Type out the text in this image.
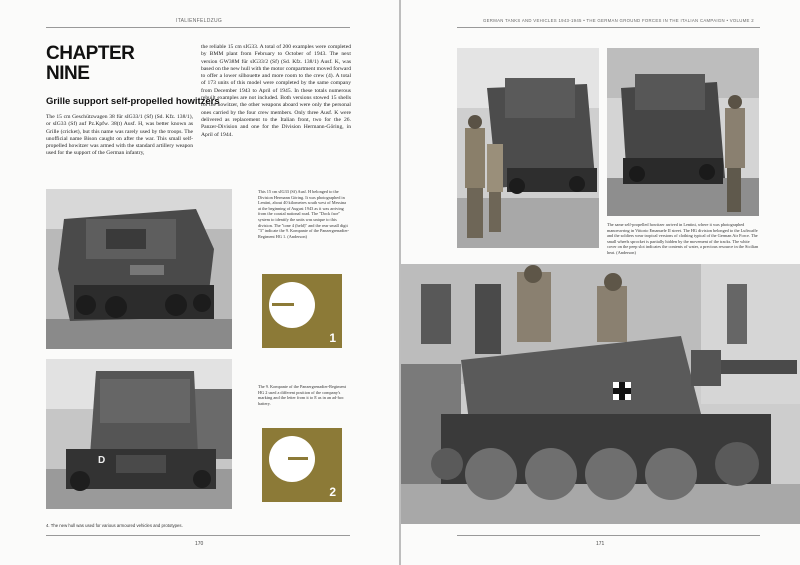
ITALIENFELDZUG
CHAPTER NINE
Grille support self-propelled howitzers
The 15 cm Geschützwagen 38 für sIG33/1 (Sf) (Sd. Kfz. 138/1), or sIG33 (Sf) auf Pz.Kpfw. 38(t) Ausf. H, was better known as Grille (cricket), but this name was rarely used by the troops. The unofficial name Bison caught on after the war. This small self-propelled howitzer was armed with the standard artillery weapon used for the support of the German infantry,
the reliable 15 cm sIG33. A total of 200 examples were completed by BMM plant from February to October of 1943. The next version GW38M für sIG33/2 (Sf) (Sd. Kfz. 138/1) Ausf. K, was based on the new hull with the motor compartment moved forward to offer a lower silhouette and more room to the crew (4). A total of 173 units of this model were completed by the same company from December 1943 to April of 1945. In these totals numerous rebuilt examples are not included. Both versions stowed 15 shells for the howitzer, the other weapons aboard were only the personal ones carried by the four crew members. Only three Ausf. K were delivered as replacement to the Italian front, two for the 26. Panzer-Division and one for the Division Hermann-Göring, in April of 1944.
This 15 cm sIG33 (Sf) Ausf. H belonged to the Division Hermann Göring. It was photographed in Lentini, about 40 kilometres south west of Messina at the beginning of August 1943 as it was arriving from the coastal national road. The "Dock face" system to identify the units was unique to this division. The "tone 4 (held)" and the rear small digit "3" indicate the 9. Kompanie of the Panzergrenadier-Regiment HG 1. (Anderson)
1
D
The 9. Kompanie of the Panzergrenadier-Regiment HG 2 used a different position of the company's marking and the letter from it to E as in an ad-hoc battery.
2
4. The new hull was used for various armoured vehicles and prototypes.
170
GERMAN TANKS AND VEHICLES 1943-1945 • THE GERMAN GROUND FORCES IN THE ITALIAN CAMPAIGN • VOLUME 2
The same self-propelled howitzer arrived in Lentini, where it was photographed manoeuvring in Vittorio Emanuele II street. The HG division belonged to the Luftwaffe and the soldiers wear tropical versions of clothing typical of the German Air Force. The small wheels sprocket is partially hidden by the movement of the tracks. The white cover on the peep slot indicates the contents of water, a precious resource in the Sicilian heat. (Anderson)
171
